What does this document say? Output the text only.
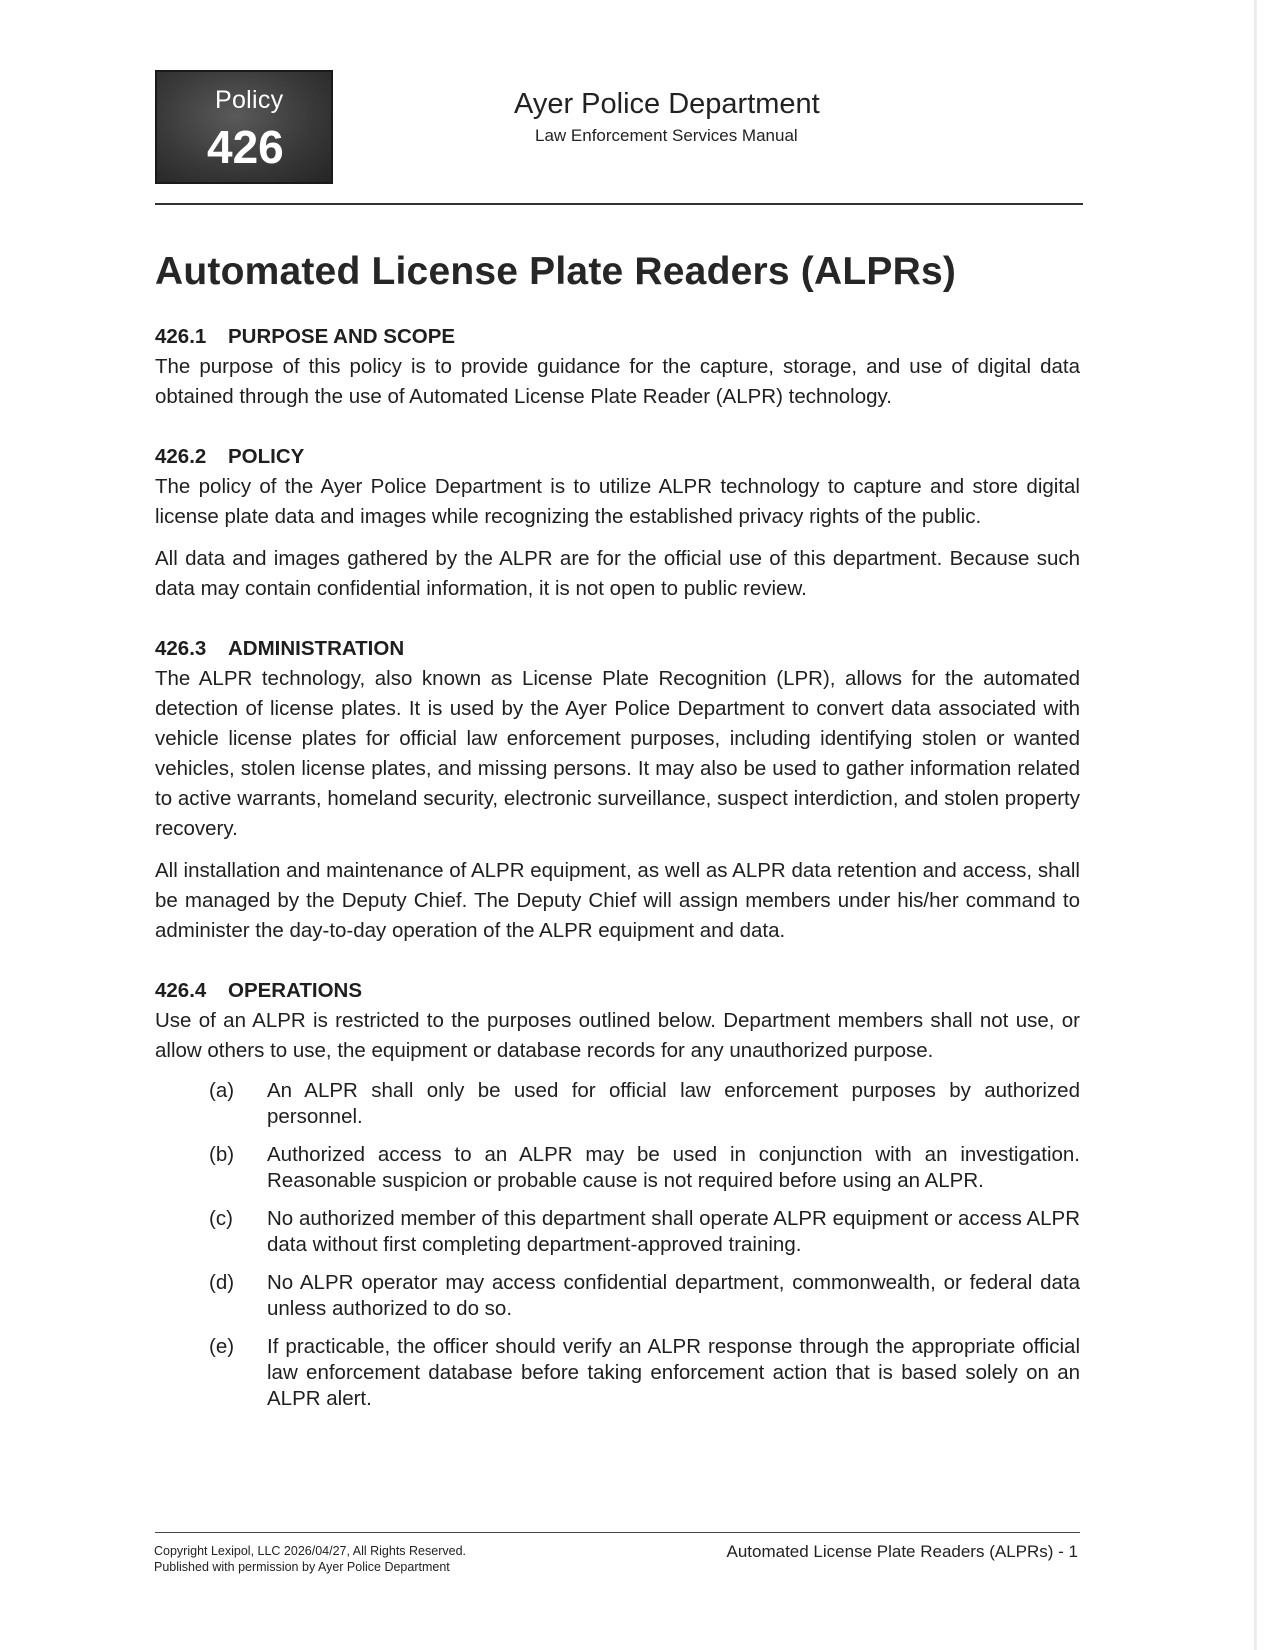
Policy
426
Ayer Police Department
Law Enforcement Services Manual
Automated License Plate Readers (ALPRs)

426.1 PURPOSE AND SCOPE

The purpose of this policy is to provide guidance for the capture, storage, and use of digital data obtained through the use of Automated License Plate Reader (ALPR) technology.

426.2 POLICY

The policy of the Ayer Police Department is to utilize ALPR technology to capture and store digital license plate data and images while recognizing the established privacy rights of the public.

All data and images gathered by the ALPR are for the official use of this department. Because such data may contain confidential information, it is not open to public review.

426.3 ADMINISTRATION

The ALPR technology, also known as License Plate Recognition (LPR), allows for the automated detection of license plates. It is used by the Ayer Police Department to convert data associated with vehicle license plates for official law enforcement purposes, including identifying stolen or wanted vehicles, stolen license plates, and missing persons. It may also be used to gather information related to active warrants, homeland security, electronic surveillance, suspect interdiction, and stolen property recovery.

All installation and maintenance of ALPR equipment, as well as ALPR data retention and access, shall be managed by the Deputy Chief. The Deputy Chief will assign members under his/her command to administer the day-to-day operation of the ALPR equipment and data.

426.4 OPERATIONS

Use of an ALPR is restricted to the purposes outlined below. Department members shall not use, or allow others to use, the equipment or database records for any unauthorized purpose.

(a) An ALPR shall only be used for official law enforcement purposes by authorized personnel.
(b) Authorized access to an ALPR may be used in conjunction with an investigation. Reasonable suspicion or probable cause is not required before using an ALPR.
(c) No authorized member of this department shall operate ALPR equipment or access ALPR data without first completing department-approved training.
(d) No ALPR operator may access confidential department, commonwealth, or federal data unless authorized to do so.
(e) If practicable, the officer should verify an ALPR response through the appropriate official law enforcement database before taking enforcement action that is based solely on an ALPR alert.
Copyright Lexipol, LLC 2026/04/27, All Rights Reserved.
Published with permission by Ayer Police Department
Automated License Plate Readers (ALPRs) - 1
